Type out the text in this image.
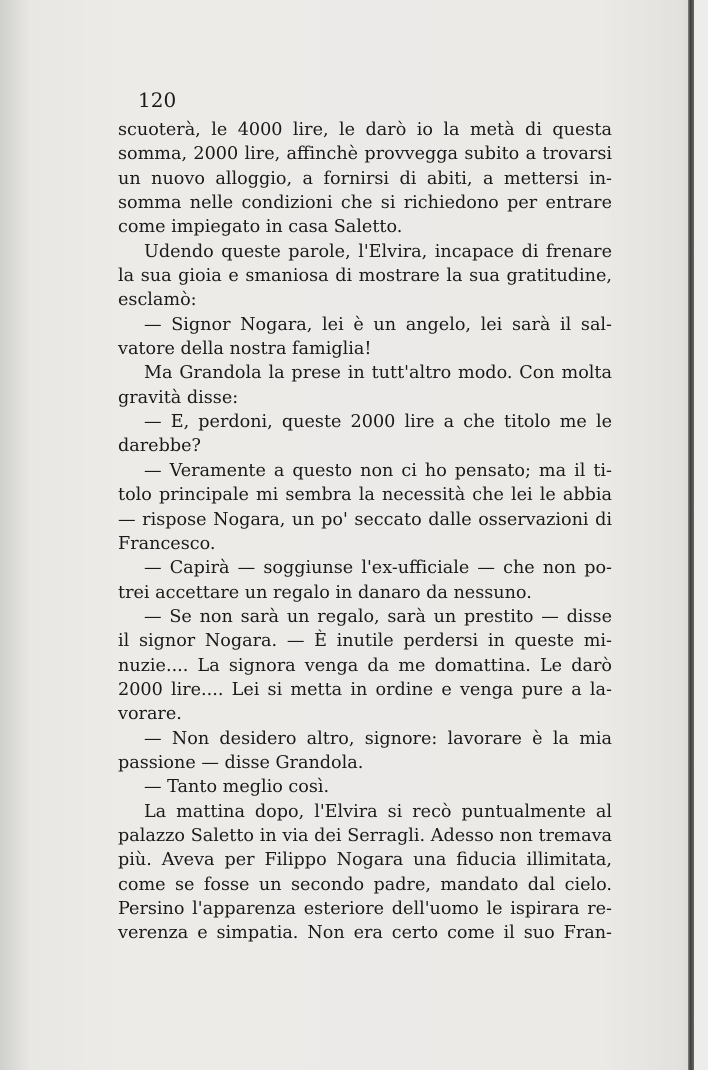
120
scuoterà, le 4000 lire, le darò io la metà di questa
somma, 2000 lire, affinchè provvegga subito a trovarsi
un nuovo alloggio, a fornirsi di abiti, a mettersi in-
somma nelle condizioni che si richiedono per entrare
come impiegato in casa Saletto.
Udendo queste parole, l'Elvira, incapace di frenare
la sua gioia e smaniosa di mostrare la sua gratitudine,
esclamò:
— Signor Nogara, lei è un angelo, lei sarà il sal-
vatore della nostra famiglia!
Ma Grandola la prese in tutt'altro modo. Con molta
gravità disse:
— E, perdoni, queste 2000 lire a che titolo me le
darebbe?
— Veramente a questo non ci ho pensato; ma il ti-
tolo principale mi sembra la necessità che lei le abbia
— rispose Nogara, un po' seccato dalle osservazioni di
Francesco.
— Capirà — soggiunse l'ex-ufficiale — che non po-
trei accettare un regalo in danaro da nessuno.
— Se non sarà un regalo, sarà un prestito — disse
il signor Nogara. — È inutile perdersi in queste mi-
nuzie.... La signora venga da me domattina. Le darò
2000 lire.... Lei si metta in ordine e venga pure a la-
vorare.
— Non desidero altro, signore: lavorare è la mia
passione — disse Grandola.
— Tanto meglio così.
La mattina dopo, l'Elvira si recò puntualmente al
palazzo Saletto in via dei Serragli. Adesso non tremava
più. Aveva per Filippo Nogara una fiducia illimitata,
come se fosse un secondo padre, mandato dal cielo.
Persino l'apparenza esteriore dell'uomo le ispirara re-
verenza e simpatia. Non era certo come il suo Fran-
